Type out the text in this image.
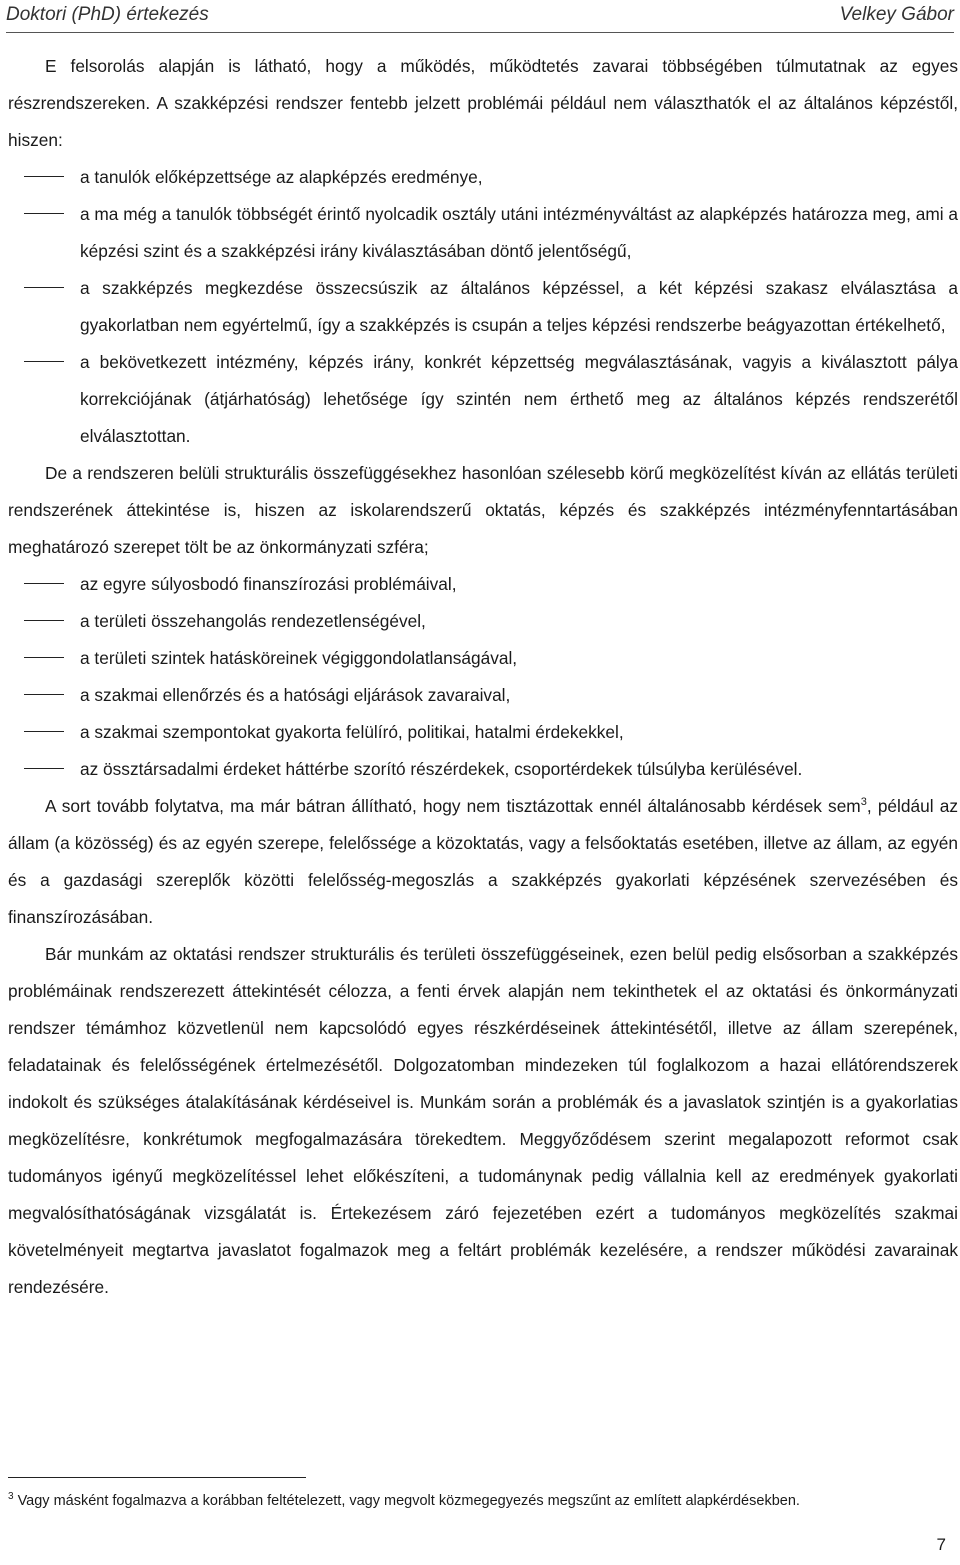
Doktori (PhD) értekezés	Velkey Gábor

E felsorolás alapján is látható, hogy a működés, működtetés zavarai többségében túlmutatnak az egyes részrendszereken. A szakképzési rendszer fentebb jelzett problémái például nem választhatók el az általános képzéstől, hiszen:

a tanulók előképzettsége az alapképzés eredménye,
a ma még a tanulók többségét érintő nyolcadik osztály utáni intézményváltást az alapképzés határozza meg, ami a képzési szint és a szakképzési irány kiválasztásában döntő jelentőségű,
a szakképzés megkezdése összecsúszik az általános képzéssel, a két képzési szakasz elválasztása a gyakorlatban nem egyértelmű, így a szakképzés is csupán a teljes képzési rendszerbe beágyazottan értékelhető,
a bekövetkezett intézmény, képzés irány, konkrét képzettség megválasztásának, vagyis a kiválasztott pálya korrekciójának (átjárhatóság) lehetősége így szintén nem érthető meg az általános képzés rendszerétől elválasztottan.

De a rendszeren belüli strukturális összefüggésekhez hasonlóan szélesebb körű megközelítést kíván az ellátás területi rendszerének áttekintése is, hiszen az iskolarendszerű oktatás, képzés és szakképzés intézményfenntartásában meghatározó szerepet tölt be az önkormányzati szféra;

az egyre súlyosbodó finanszírozási problémáival,
a területi összehangolás rendezetlenségével,
a területi szintek hatásköreinek végiggondolatlanságával,
a szakmai ellenőrzés és a hatósági eljárások zavaraival,
a szakmai szempontokat gyakorta felülíró, politikai, hatalmi érdekekkel,
az össztársadalmi érdeket háttérbe szorító részérdekek, csoportérdekek túlsúlyba kerülésével.

A sort tovább folytatva, ma már bátran állítható, hogy nem tisztázottak ennél általánosabb kérdések sem$^3$, például az állam (a közösség) és az egyén szerepe, felelőssége a közoktatás, vagy a felsőoktatás esetében, illetve az állam, az egyén és a gazdasági szereplők közötti felelősség-megoszlás a szakképzés gyakorlati képzésének szervezésében és finanszírozásában.

Bár munkám az oktatási rendszer strukturális és területi összefüggéseinek, ezen belül pedig elsősorban a szakképzés problémáinak rendszerezett áttekintését célozza, a fenti érvek alapján nem tekinthetek el az oktatási és önkormányzati rendszer témámhoz közvetlenül nem kapcsolódó egyes részkérdéseinek áttekintésétől, illetve az állam szerepének, feladatainak és felelősségének értelmezésétől. Dolgozatomban mindezeken túl foglalkozom a hazai ellátórendszerek indokolt és szükséges átalakításának kérdéseivel is. Munkám során a problémák és a javaslatok szintjén is a gyakorlatias megközelítésre, konkrétumok megfogalmazására törekedtem. Meggyőződésem szerint megalapozott reformot csak tudományos igényű megközelítéssel lehet előkészíteni, a tudománynak pedig vállalnia kell az eredmények gyakorlati megvalósíthatóságának vizsgálatát is. Értekezésem záró fejezetében ezért a tudományos megközelítés szakmai követelményeit megtartva javaslatot fogalmazok meg a feltárt problémák kezelésére, a rendszer működési zavarainak rendezésére.

$^3$ Vagy másként fogalmazva a korábban feltételezett, vagy megvolt közmegegyezés megszűnt az említett alapkérdésekben.
7
